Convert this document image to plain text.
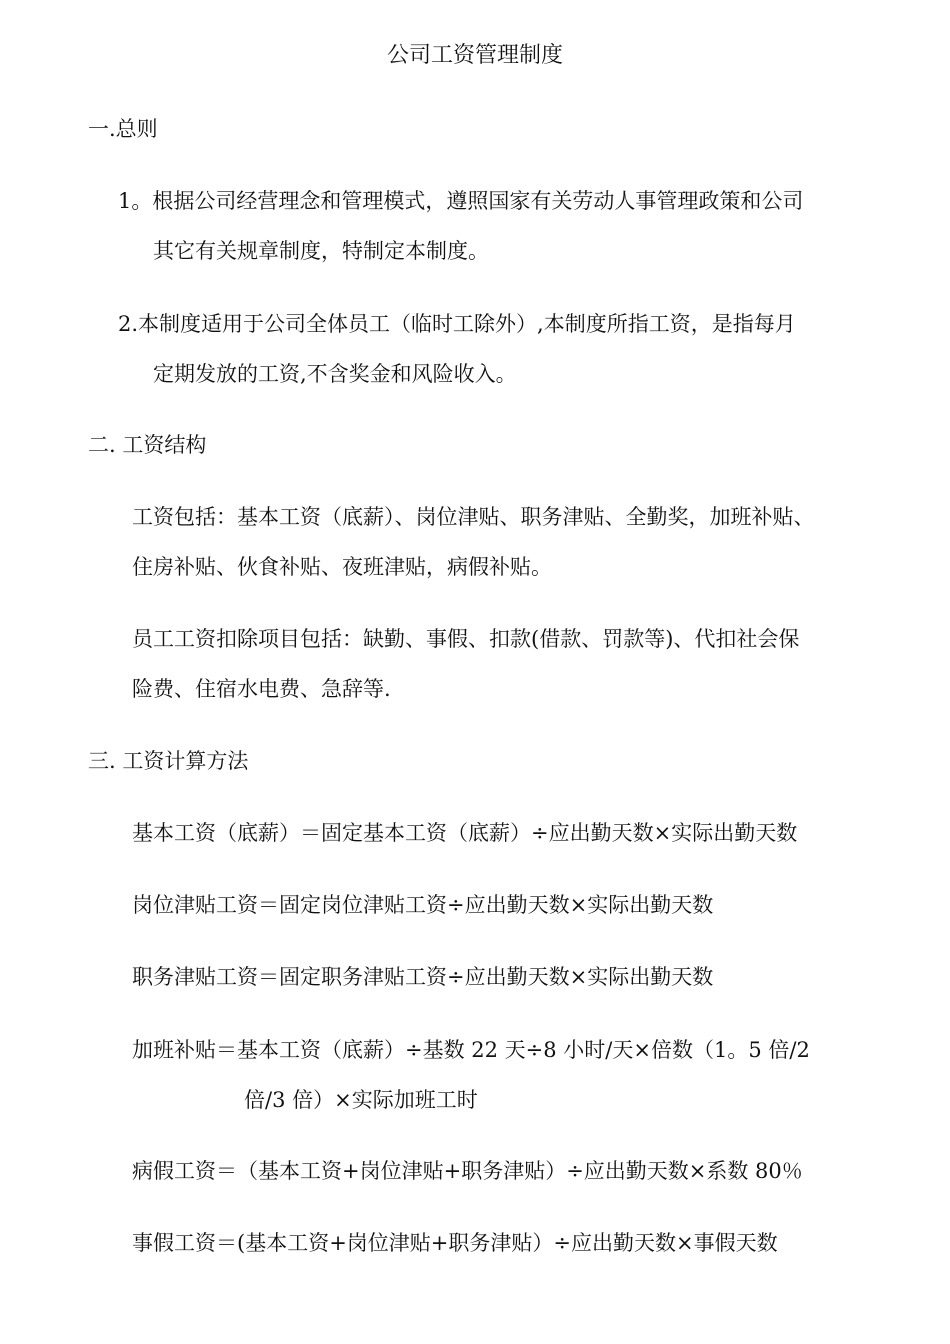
公司工资管理制度
一.总则
1。根据公司经营理念和管理模式，遵照国家有关劳动人事管理政策和公司
其它有关规章制度，特制定本制度。
2.本制度适用于公司全体员工（临时工除外）,本制度所指工资，是指每月
定期发放的工资,不含奖金和风险收入。
二. 工资结构
工资包括：基本工资（底薪）、岗位津贴、职务津贴、全勤奖，加班补贴、
住房补贴、伙食补贴、夜班津贴，病假补贴。
员工工资扣除项目包括：缺勤、事假、扣款(借款、罚款等)、代扣社会保
险费、住宿水电费、急辞等.
三. 工资计算方法
基本工资（底薪）＝固定基本工资（底薪）÷应出勤天数×实际出勤天数
岗位津贴工资＝固定岗位津贴工资÷应出勤天数×实际出勤天数
职务津贴工资＝固定职务津贴工资÷应出勤天数×实际出勤天数
加班补贴＝基本工资（底薪）÷基数 22 天÷8 小时/天×倍数（1。5 倍/2
倍/3 倍）×实际加班工时
病假工资＝（基本工资+岗位津贴+职务津贴）÷应出勤天数×系数 80％
事假工资＝(基本工资+岗位津贴+职务津贴）÷应出勤天数×事假天数
